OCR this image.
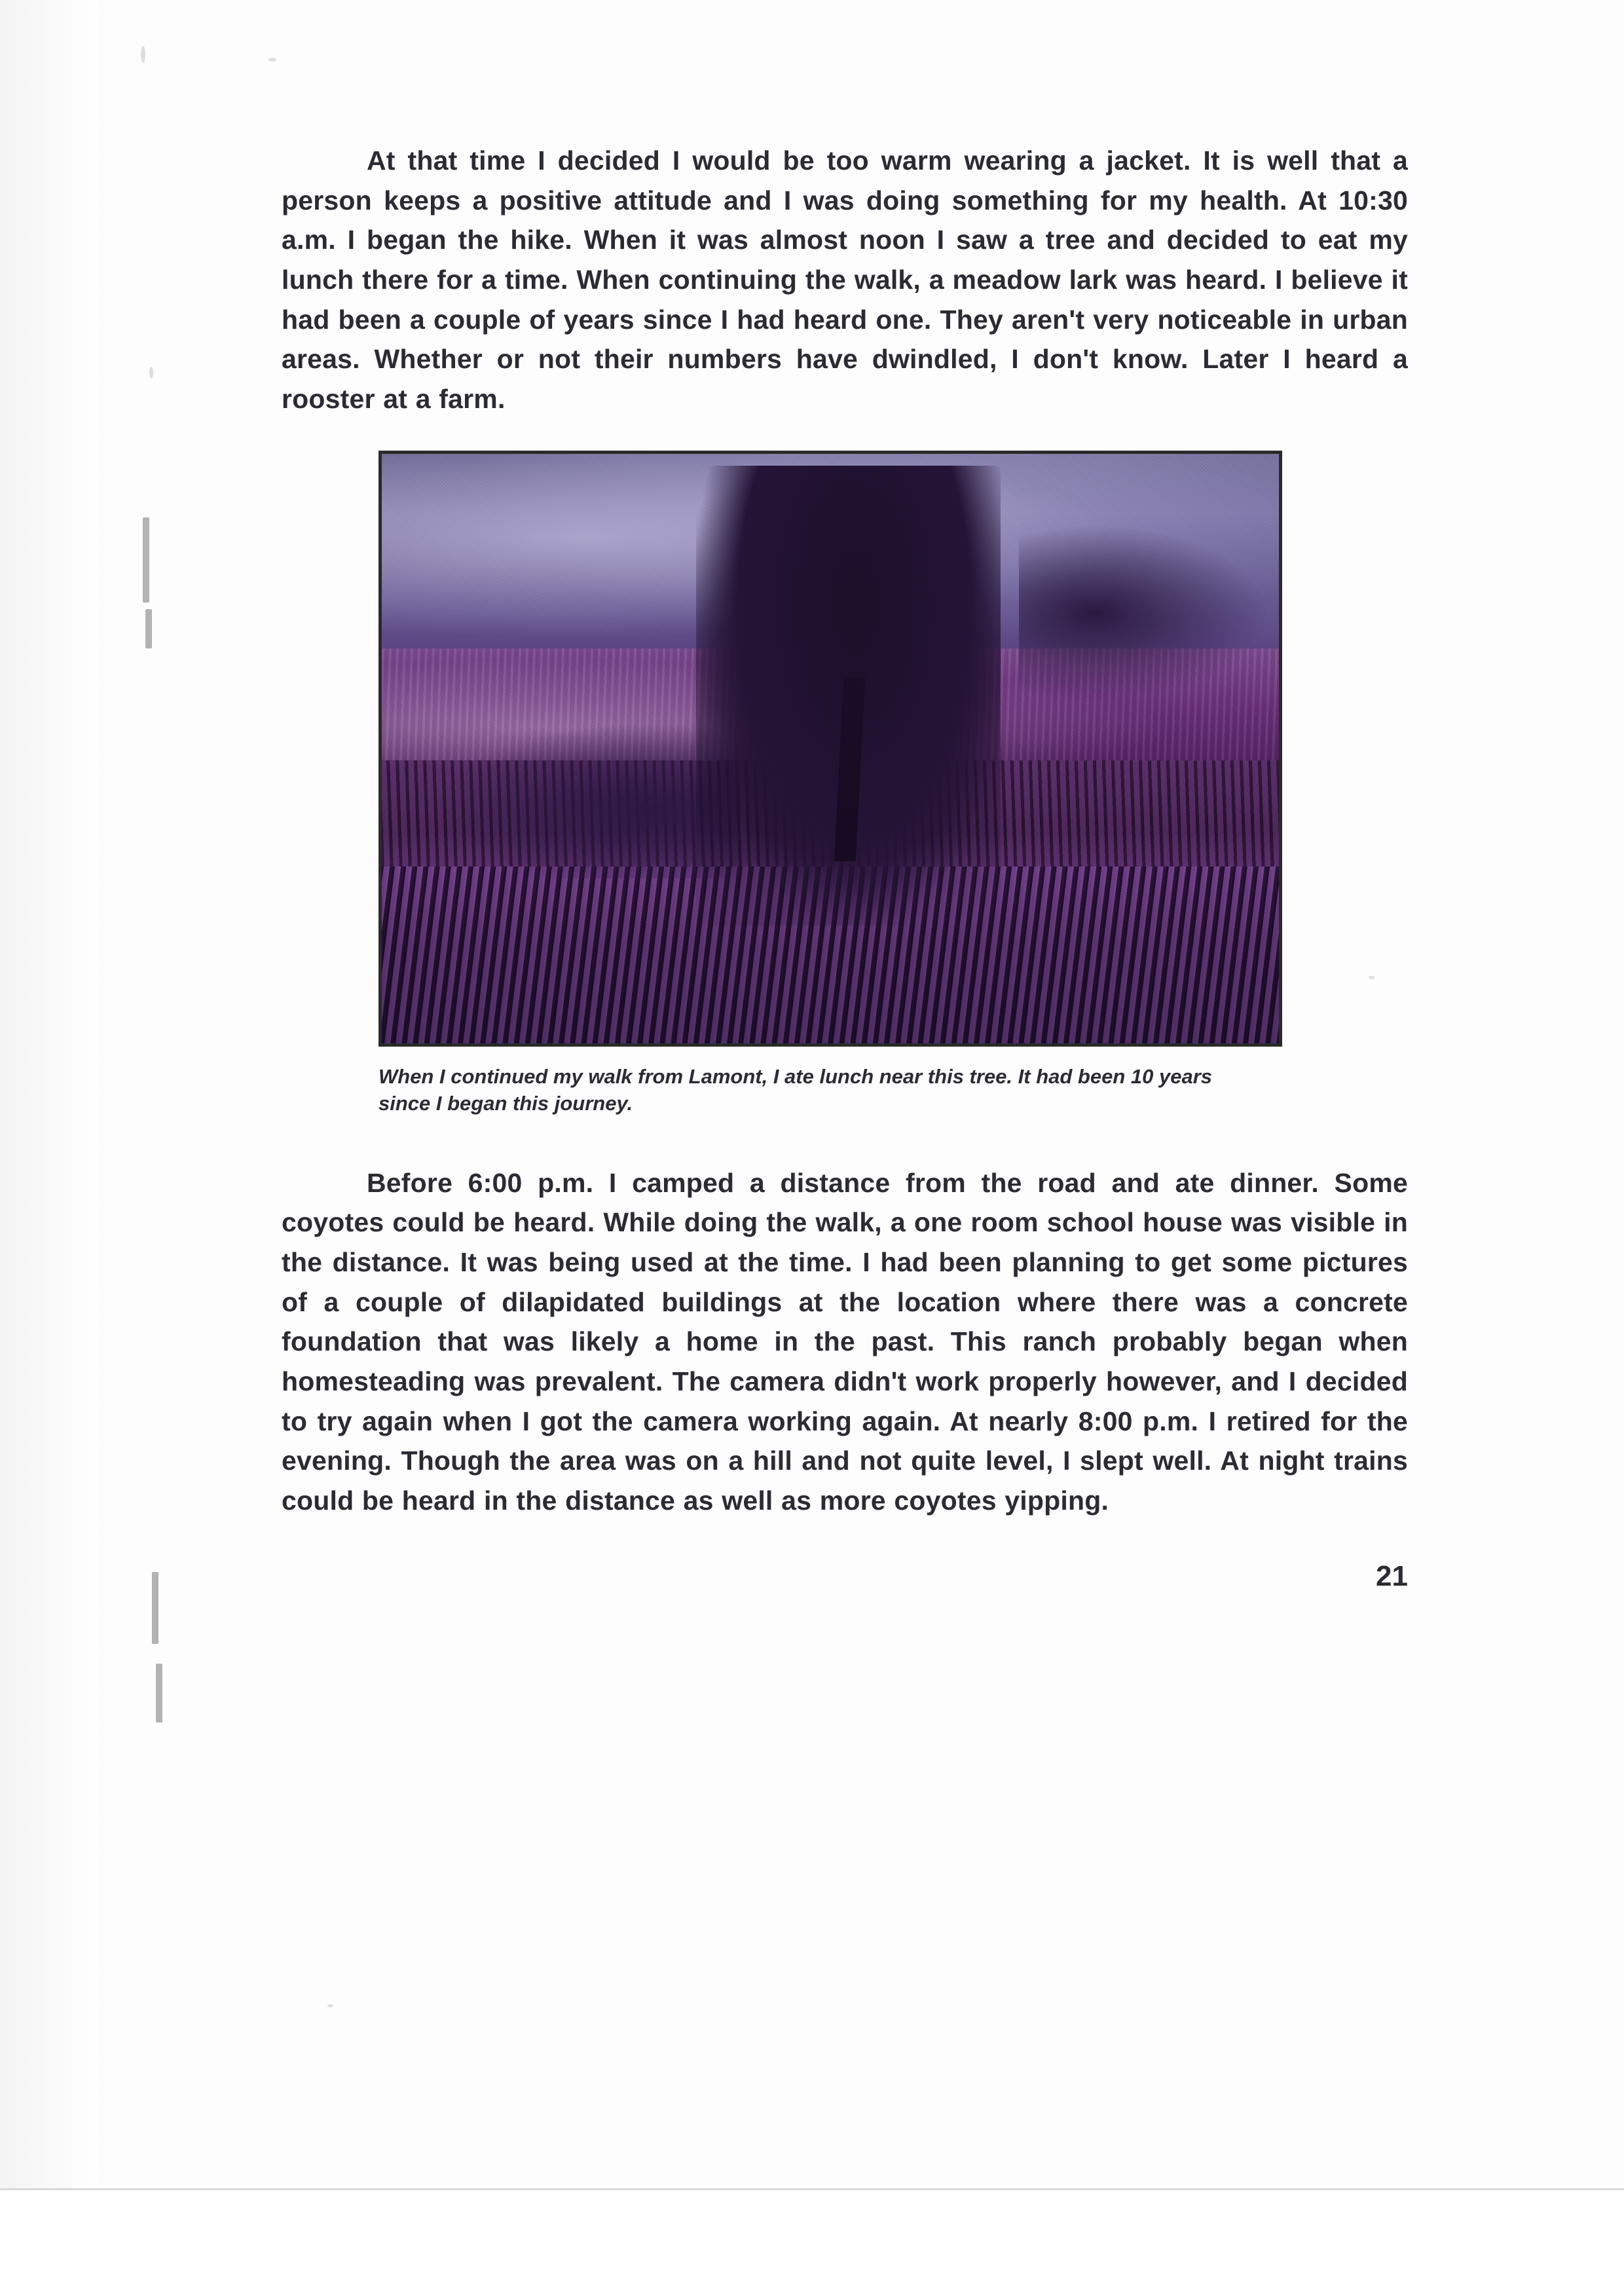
At that time I decided I would be too warm wearing a jacket. It is well that a person keeps a positive attitude and I was doing something for my health. At 10:30 a.m. I began the hike. When it was almost noon I saw a tree and decided to eat my lunch there for a time. When continuing the walk, a meadow lark was heard. I believe it had been a couple of years since I had heard one. They aren't very noticeable in urban areas. Whether or not their numbers have dwindled, I don't know. Later I heard a rooster at a farm.

When I continued my walk from Lamont, I ate lunch near this tree. It had been 10 years since I began this journey.

Before 6:00 p.m. I camped a distance from the road and ate dinner. Some coyotes could be heard. While doing the walk, a one room school house was visible in the distance. It was being used at the time. I had been planning to get some pictures of a couple of dilapidated buildings at the location where there was a concrete foundation that was likely a home in the past. This ranch probably began when homesteading was prevalent. The camera didn't work properly however, and I decided to try again when I got the camera working again. At nearly 8:00 p.m. I retired for the evening. Though the area was on a hill and not quite level, I slept well. At night trains could be heard in the distance as well as more coyotes yipping.

21
